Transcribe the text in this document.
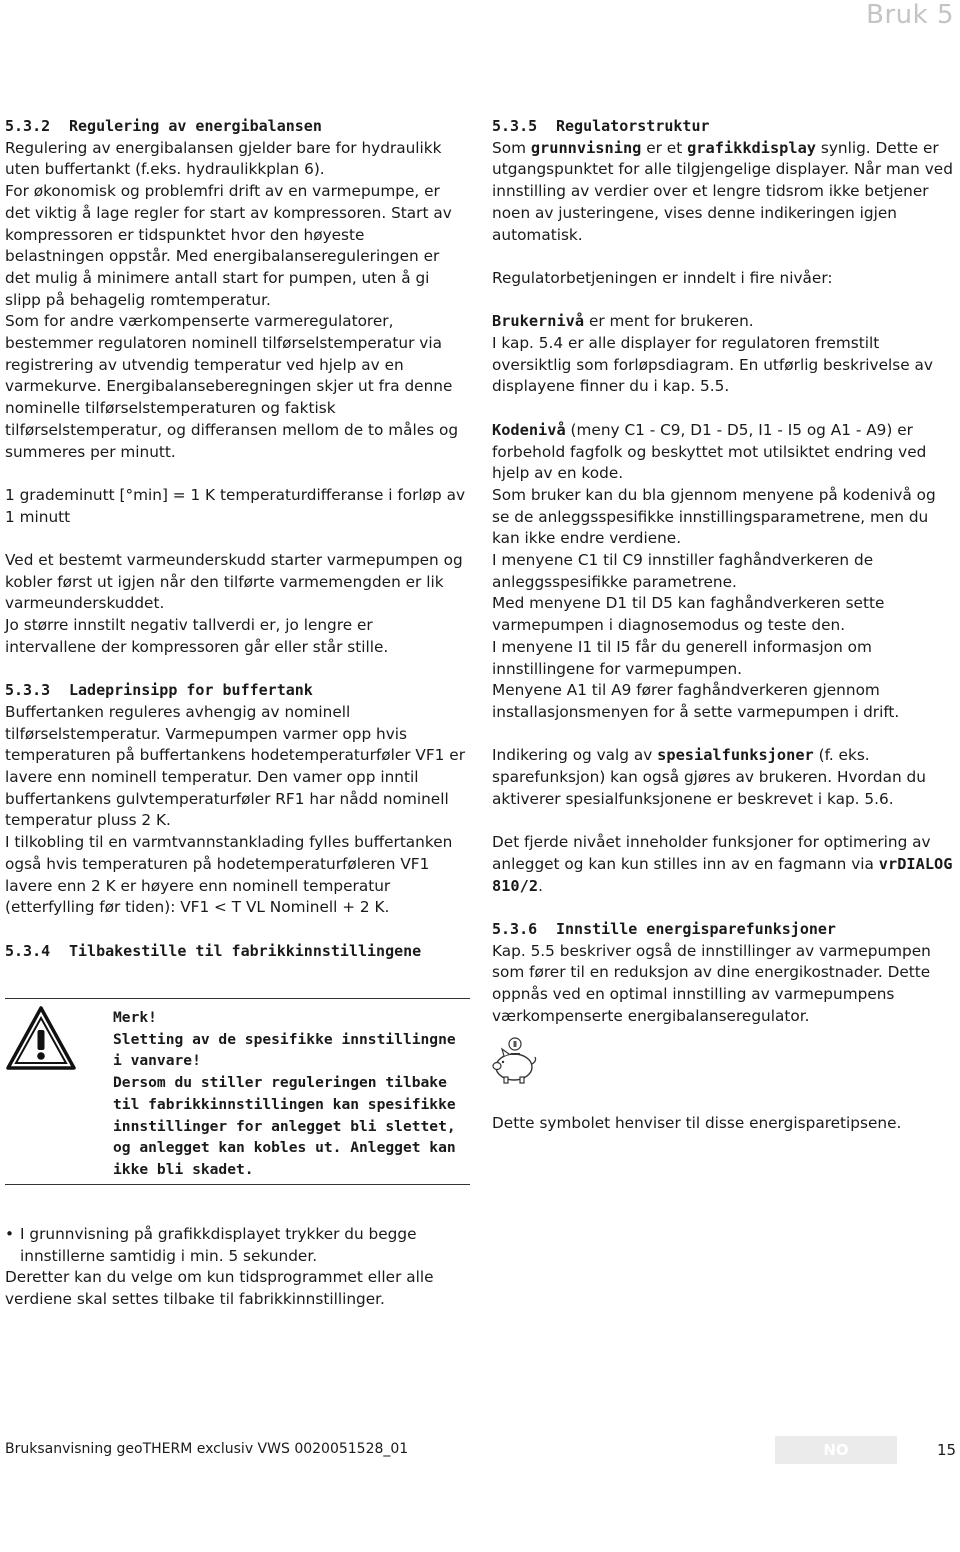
Bruk 5
5.3.2	Regulering av energibalansen

Regulering av energibalansen gjelder bare for hydraulikk uten buffertankt (f.eks. hydraulikkplan 6).

For økonomisk og problemfri drift av en varmepumpe, er det viktig å lage regler for start av kompressoren. Start av kompressoren er tidspunktet hvor den høyeste belastningen oppstår. Med energibalansereguleringen er det mulig å minimere antall start for pumpen, uten å gi slipp på behagelig romtemperatur.

Som for andre værkompenserte varmeregulatorer, bestemmer regulatoren nominell tilførselstemperatur via registrering av utvendig temperatur ved hjelp av en varmekurve. Energibalanseberegningen skjer ut fra denne nominelle tilførselstemperaturen og faktisk tilførselstemperatur, og differansen mellom de to måles og summeres per minutt.

1 grademinutt [°min] = 1 K temperaturdifferanse i forløp av 1 minutt

Ved et bestemt varmeunderskudd starter varmepumpen og kobler først ut igjen når den tilførte varmemengden er lik varmeunderskuddet.

Jo større innstilt negativ tallverdi er, jo lengre er intervallene der kompressoren går eller står stille.

5.3.3	Ladeprinsipp for buffertank

Buffertanken reguleres avhengig av nominell tilførselstemperatur. Varmepumpen varmer opp hvis temperaturen på buffertankens hodetemperaturføler VF1 er lavere enn nominell temperatur. Den vamer opp inntil buffertankens gulvtemperaturføler RF1 har nådd nominell temperatur pluss 2 K.

I tilkobling til en varmtvannstanklading fylles buffertanken også hvis temperaturen på hodetemperaturføleren VF1 lavere enn 2 K er høyere enn nominell temperatur (etterfylling før tiden): VF1 < T VL Nominell + 2 K.

5.3.4	Tilbakestille til fabrikkinnstillingene

Merk!

Sletting av de spesifikke innstillingne i vanvare!

Dersom du stiller reguleringen tilbake til fabrikkinnstillingen kan spesifikke innstillinger for anlegget bli slettet, og anlegget kan kobles ut. Anlegget kan ikke bli skadet.

• I grunnvisning på grafikkdisplayet trykker du begge innstillerne samtidig i min. 5 sekunder.

Deretter kan du velge om kun tidsprogrammet eller alle verdiene skal settes tilbake til fabrikkinnstillinger.

5.3.5	Regulatorstruktur

Som grunnvisning er et grafikkdisplay synlig. Dette er utgangspunktet for alle tilgjengelige displayer. Når man ved innstilling av verdier over et lengre tidsrom ikke betjener noen av justeringene, vises denne indikeringen igjen automatisk.

Regulatorbetjeningen er inndelt i fire nivåer:

Brukernivå er ment for brukeren.

I kap. 5.4 er alle displayer for regulatoren fremstilt oversiktlig som forløpsdiagram. En utførlig beskrivelse av displayene finner du i kap. 5.5.

Kodenivå (meny C1 - C9, D1 - D5, I1 - I5 og A1 - A9) er forbehold fagfolk og beskyttet mot utilsiktet endring ved hjelp av en kode.

Som bruker kan du bla gjennom menyene på kodenivå og se de anleggsspesifikke innstillingsparametrene, men du kan ikke endre verdiene.

I menyene C1 til C9 innstiller faghåndverkeren de anleggsspesifikke parametrene.

Med menyene D1 til D5 kan faghåndverkeren sette varmepumpen i diagnosemodus og teste den.

I menyene I1 til I5 får du generell informasjon om innstillingene for varmepumpen.

Menyene A1 til A9 fører faghåndverkeren gjennom installasjonsmenyen for å sette varmepumpen i drift.

Indikering og valg av spesialfunksjoner (f. eks. sparefunksjon) kan også gjøres av brukeren. Hvordan du aktiverer spesialfunksjonene er beskrevet i kap. 5.6.

Det fjerde nivået inneholder funksjoner for optimering av anlegget og kan kun stilles inn av en fagmann via vrDIALOG 810/2.

5.3.6	Innstille energisparefunksjoner

Kap. 5.5 beskriver også de innstillinger av varmepumpen som fører til en reduksjon av dine energikostnader. Dette oppnås ved en optimal innstilling av varmepumpens værkompenserte energibalanseregulator.

Dette symbolet henviser til disse energisparetipsene.

Bruksanvisning geoTHERM exclusiv VWS 0020051528_01	NO	15
